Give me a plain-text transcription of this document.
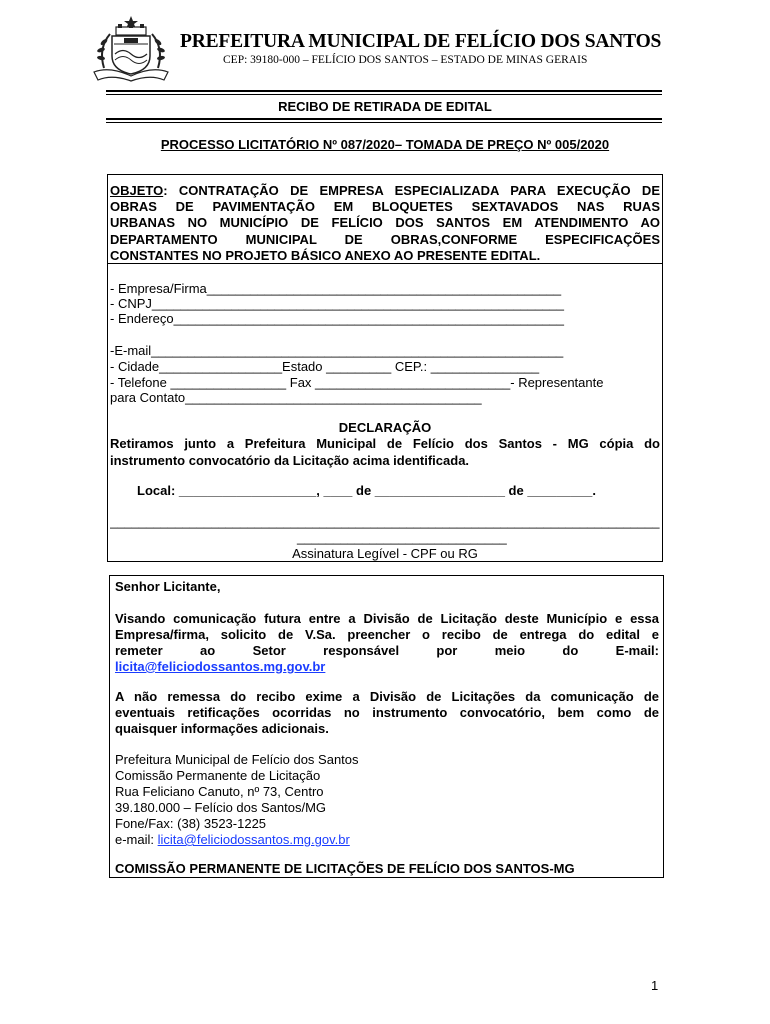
PREFEITURA MUNICIPAL DE FELÍCIO DOS SANTOS
CEP: 39180-000 – FELÍCIO DOS SANTOS – ESTADO DE MINAS GERAIS
RECIBO DE RETIRADA DE EDITAL
PROCESSO LICITATÓRIO Nº 087/2020– TOMADA DE PREÇO Nº 005/2020
OBJETO: CONTRATAÇÃO DE EMPRESA ESPECIALIZADA PARA EXECUÇÃO DE
OBRAS DE PAVIMENTAÇÃO EM BLOQUETES SEXTAVADOS NAS RUAS
URBANAS NO MUNICÍPIO DE FELÍCIO DOS SANTOS EM ATENDIMENTO AO
DEPARTAMENTO MUNICIPAL DE OBRAS,CONFORME ESPECIFICAÇÕES
CONSTANTES NO PROJETO BÁSICO ANEXO AO PRESENTE EDITAL.
- Empresa/Firma_________________________________________________
- CNPJ_________________________________________________________
- Endereço______________________________________________________
-E-mail_________________________________________________________
- Cidade_________________Estado _________ CEP.: _______________
- Telefone ________________ Fax ___________________________- Representante
para Contato_________________________________________
DECLARAÇÃO
Retiramos junto a Prefeitura Municipal de Felício dos Santos - MG cópia do
instrumento convocatório da Licitação acima identificada.
Local: ___________________, ____ de __________________ de _________.
____________________________________________________________________________
_____________________________
Assinatura Legível - CPF ou RG
Senhor Licitante,
Visando comunicação futura entre a Divisão de Licitação deste Município e essa
Empresa/firma, solicito de V.Sa. preencher o recibo de entrega do edital e
remeter ao Setor responsável por meio do E-mail:
licita@feliciodossantos.mg.gov.br
A não remessa do recibo exime a Divisão de Licitações da comunicação de
eventuais retificações ocorridas no instrumento convocatório, bem como de
quaisquer informações adicionais.
Prefeitura Municipal de Felício dos Santos
Comissão Permanente de Licitação
Rua Feliciano Canuto, nº 73, Centro
39.180.000 – Felício dos Santos/MG
Fone/Fax: (38) 3523-1225
e-mail: licita@feliciodossantos.mg.gov.br
COMISSÃO PERMANENTE DE LICITAÇÕES DE FELÍCIO DOS SANTOS-MG
1
